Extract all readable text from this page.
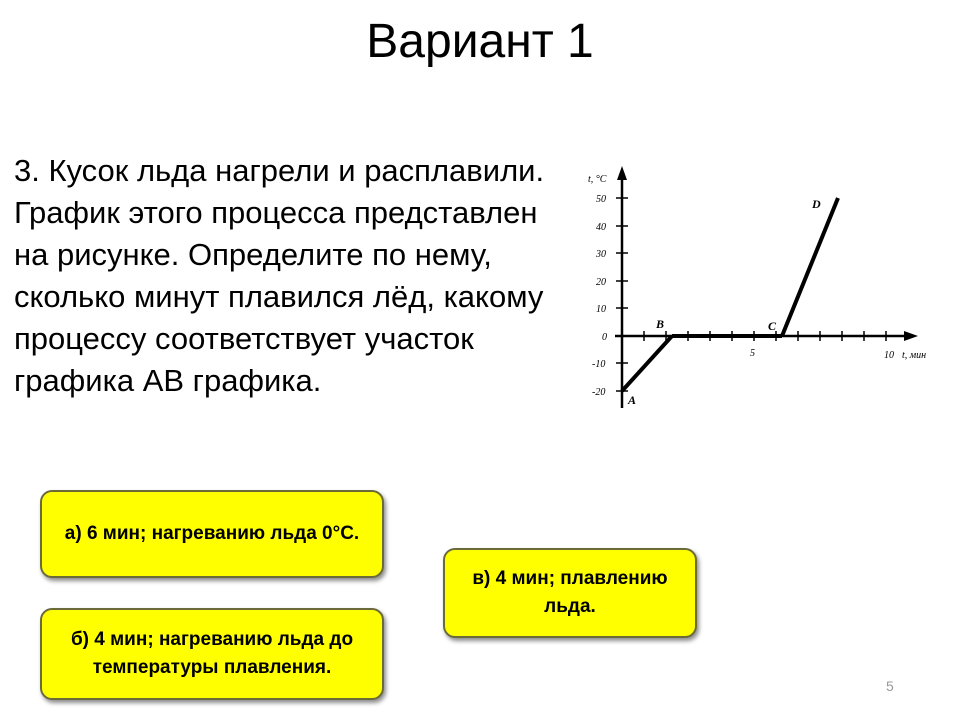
Вариант 1
3. Кусок льда нагрели и расплавили. График этого процесса представлен на рисунке. Определите по нему, сколько минут плавился лёд, какому процессу соответствует участок графика АВ графика.
50
40
30
20
10
0
-10
-20
t, °C
5	10 t, мин
A
B	C
D
а) 6 мин; нагреванию льда 0°С.
б) 4 мин; нагреванию льда до температуры плавления.
в) 4 мин; плавлению льда.
5
